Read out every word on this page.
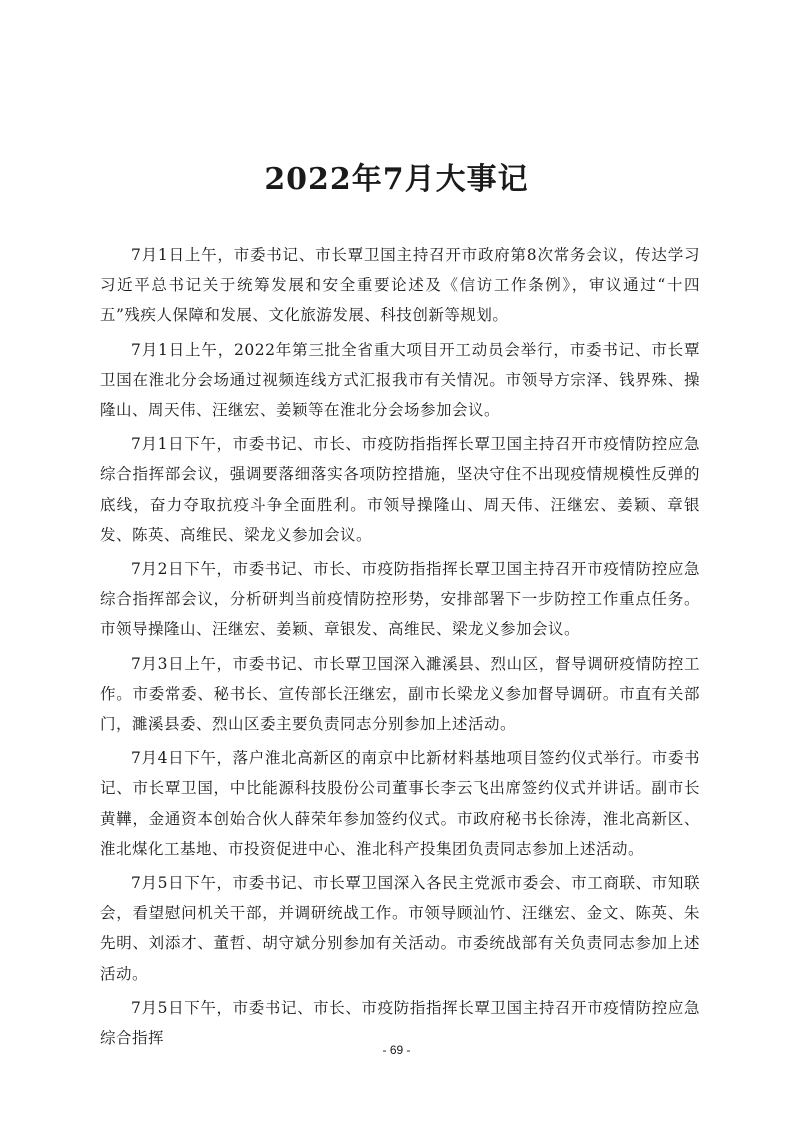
2022年7月大事记

7月1日上午，市委书记、市长覃卫国主持召开市政府第8次常务会议，传达学习习近平总书记关于统筹发展和安全重要论述及《信访工作条例》，审议通过“十四五”残疾人保障和发展、文化旅游发展、科技创新等规划。

7月1日上午，2022年第三批全省重大项目开工动员会举行，市委书记、市长覃卫国在淮北分会场通过视频连线方式汇报我市有关情况。市领导方宗泽、钱界殊、操隆山、周天伟、汪继宏、姜颖等在淮北分会场参加会议。

7月1日下午，市委书记、市长、市疫防指指挥长覃卫国主持召开市疫情防控应急综合指挥部会议，强调要落细落实各项防控措施，坚决守住不出现疫情规模性反弹的底线，奋力夺取抗疫斗争全面胜利。市领导操隆山、周天伟、汪继宏、姜颖、章银发、陈英、高维民、梁龙义参加会议。

7月2日下午，市委书记、市长、市疫防指指挥长覃卫国主持召开市疫情防控应急综合指挥部会议，分析研判当前疫情防控形势，安排部署下一步防控工作重点任务。市领导操隆山、汪继宏、姜颖、章银发、高维民、梁龙义参加会议。

7月3日上午，市委书记、市长覃卫国深入濉溪县、烈山区，督导调研疫情防控工作。市委常委、秘书长、宣传部长汪继宏，副市长梁龙义参加督导调研。市直有关部门，濉溪县委、烈山区委主要负责同志分别参加上述活动。

7月4日下午，落户淮北高新区的南京中比新材料基地项目签约仪式举行。市委书记、市长覃卫国，中比能源科技股份公司董事长李云飞出席签约仪式并讲话。副市长黄鞾，金通资本创始合伙人薛荣年参加签约仪式。市政府秘书长徐涛，淮北高新区、淮北煤化工基地、市投资促进中心、淮北科产投集团负责同志参加上述活动。

7月5日下午，市委书记、市长覃卫国深入各民主党派市委会、市工商联、市知联会，看望慰问机关干部，并调研统战工作。市领导顾汕竹、汪继宏、金文、陈英、朱先明、刘添才、董哲、胡守斌分别参加有关活动。市委统战部有关负责同志参加上述活动。

7月5日下午，市委书记、市长、市疫防指指挥长覃卫国主持召开市疫情防控应急综合指挥

- 69 -
